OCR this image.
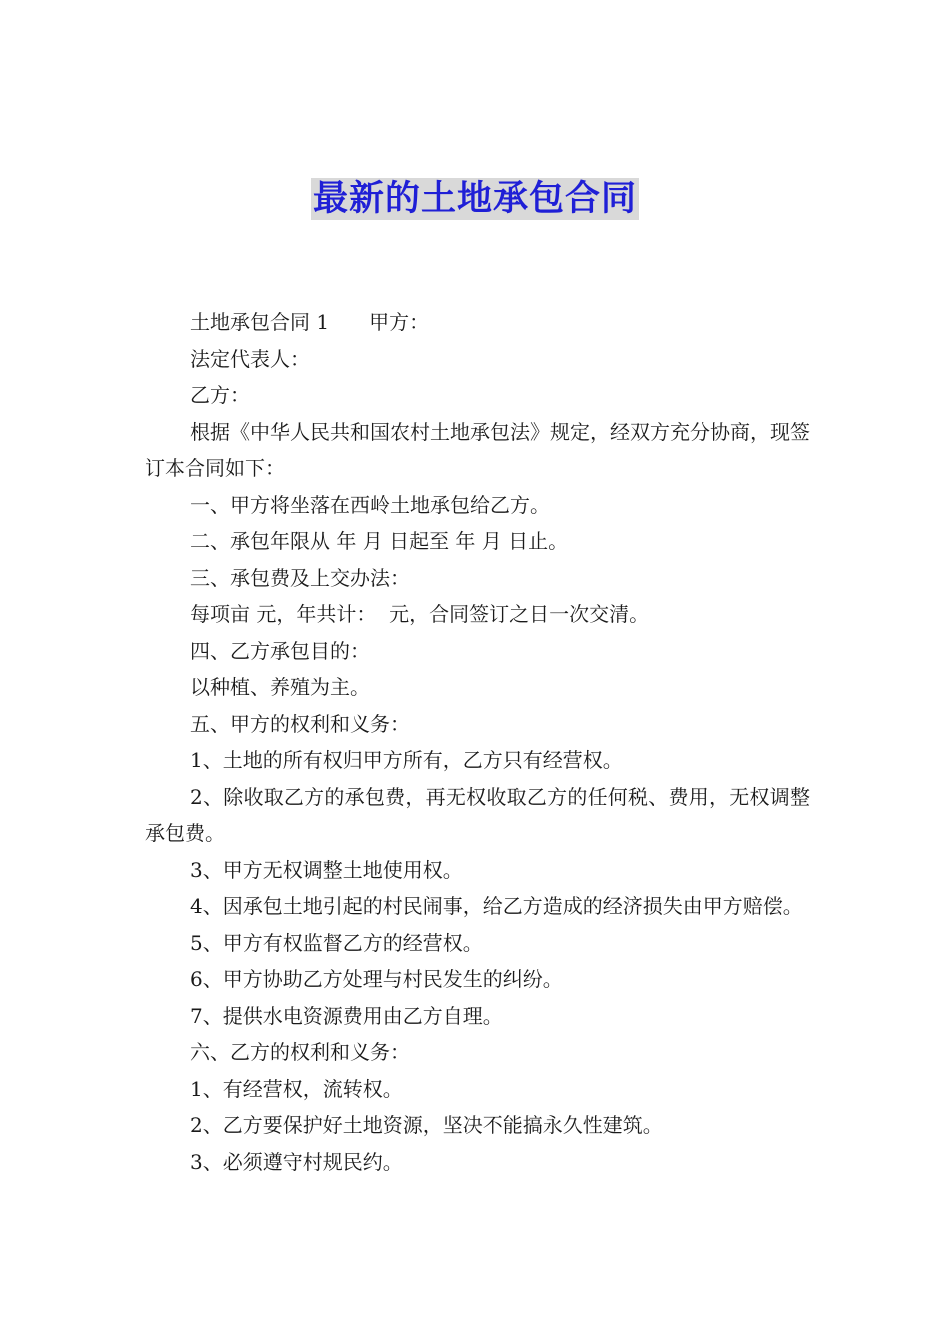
最新的土地承包合同

土地承包合同 1　　甲方：

法定代表人：

乙方：

根据《中华人民共和国农村土地承包法》规定，经双方充分协商，现签订本合同如下：

一、甲方将坐落在西岭土地承包给乙方。

二、承包年限从 年 月 日起至 年 月 日止。

三、承包费及上交办法：

每项亩 元，年共计：  元，合同签订之日一次交清。

四、乙方承包目的：

以种植、养殖为主。

五、甲方的权利和义务：

1、土地的所有权归甲方所有，乙方只有经营权。

2、除收取乙方的承包费，再无权收取乙方的任何税、费用，无权调整承包费。

3、甲方无权调整土地使用权。

4、因承包土地引起的村民闹事，给乙方造成的经济损失由甲方赔偿。

5、甲方有权监督乙方的经营权。

6、甲方协助乙方处理与村民发生的纠纷。

7、提供水电资源费用由乙方自理。

六、乙方的权利和义务：

1、有经营权，流转权。

2、乙方要保护好土地资源，坚决不能搞永久性建筑。

3、必须遵守村规民约。
